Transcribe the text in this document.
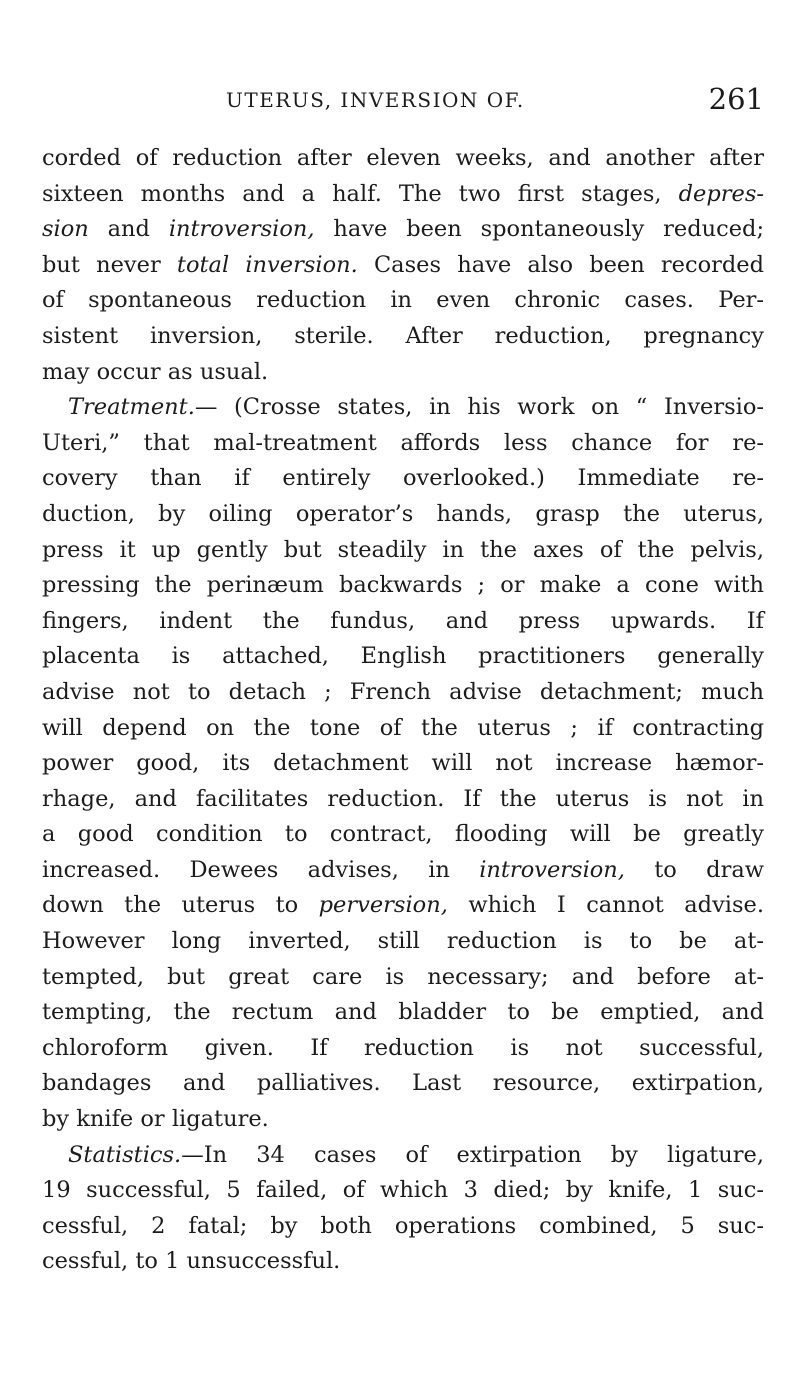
UTERUS, INVERSION OF.	261
corded of reduction after eleven weeks, and another after
sixteen months and a half. The two first stages, depres-
sion and introversion, have been spontaneously reduced;
but never total inversion. Cases have also been recorded
of spontaneous reduction in even chronic cases. Per-
sistent inversion, sterile. After reduction, pregnancy
may occur as usual.
Treatment.— (Crosse states, in his work on “ Inversio-
Uteri,” that mal-treatment affords less chance for re-
covery than if entirely overlooked.) Immediate re-
duction, by oiling operator’s hands, grasp the uterus,
press it up gently but steadily in the axes of the pelvis,
pressing the perinæum backwards ; or make a cone with
fingers, indent the fundus, and press upwards. If
placenta is attached, English practitioners generally
advise not to detach ; French advise detachment; much
will depend on the tone of the uterus ; if contracting
power good, its detachment will not increase hæmor-
rhage, and facilitates reduction. If the uterus is not in
a good condition to contract, flooding will be greatly
increased. Dewees advises, in introversion, to draw
down the uterus to perversion, which I cannot advise.
However long inverted, still reduction is to be at-
tempted, but great care is necessary; and before at-
tempting, the rectum and bladder to be emptied, and
chloroform given. If reduction is not successful,
bandages and palliatives. Last resource, extirpation,
by knife or ligature.
Statistics.—In 34 cases of extirpation by ligature,
19 successful, 5 failed, of which 3 died; by knife, 1 suc-
cessful, 2 fatal; by both operations combined, 5 suc-
cessful, to 1 unsuccessful.
